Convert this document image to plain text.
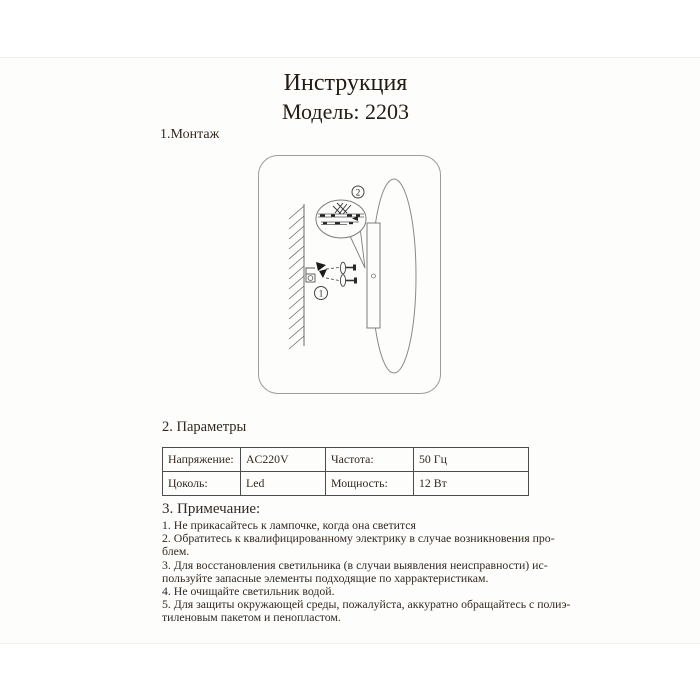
Инструкция
Модель: 2203
1.Монтаж
2
1
2. Параметры
Напряжение:	AC220V	Частота:	50 Гц
Цоколь:	Led	Мощность:	12 Вт
3. Примечание:
1. Не прикасайтесь к лампочке, когда она светится
2. Обратитесь к квалифицированному электрику в случае возникновения про-
блем.
3. Для восстановления светильника (в случаи выявления неисправности) ис-
пользуйте запасные элементы подходящие по харрактеристикам.
4. Не очищайте светильник водой.
5. Для защиты окружающей среды, пожалуйста, аккуратно обращайтесь с полиэ-
тиленовым пакетом и пенопластом.
